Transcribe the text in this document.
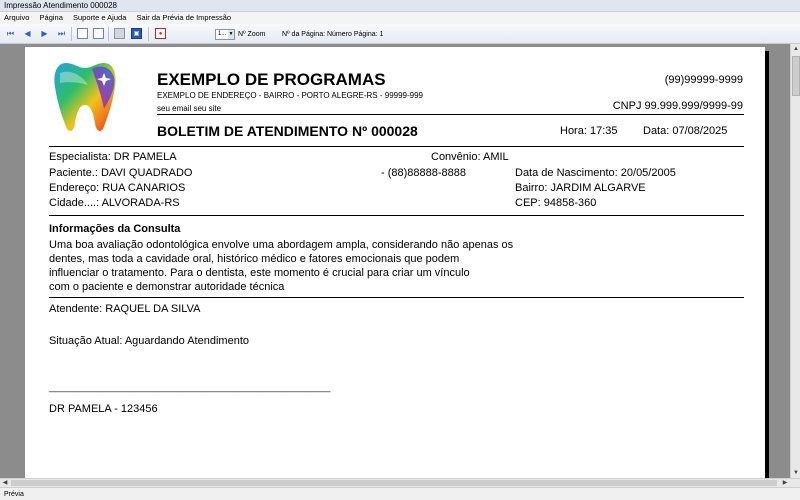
Impressão Atendimento 000028
Arquivo Página Suporte e Ajuda Sair da Prévia de Impressão
⏮	◀	▶	⏭	▣	●	1... ▼ Nº Zoom Nº da Página: Número Página: 1
EXEMPLO DE PROGRAMAS
EXEMPLO DE ENDEREÇO - BAIRRO - PORTO ALEGRE-RS - 99999-999
seu email seu site
(99)99999-9999
CNPJ 99.999.999/9999-99
BOLETIM DE ATENDIMENTO Nº 000028	Hora: 17:35 Data: 07/08/2025
Especialista: DR PAMELA	Convênio: AMIL
Paciente.: DAVI QUADRADO	- (88)88888-8888	Data de Nascimento: 20/05/2005
Endereço: RUA CANARIOS	Bairro: JARDIM ALGARVE
Cidade....: ALVORADA-RS	CEP: 94858-360
Informações da Consulta
Uma boa avaliação odontológica envolve uma abordagem ampla, considerando não apenas os
dentes, mas toda a cavidade oral, histórico médico e fatores emocionais que podem
influenciar o tratamento. Para o dentista, este momento é crucial para criar um vínculo
com o paciente e demonstrar autoridade técnica
Atendente: RAQUEL DA SILVA
Situação Atual: Aguardando Atendimento
______________________________________________
DR PAMELA - 123456
▲
▼
◀	▶
Prévia
